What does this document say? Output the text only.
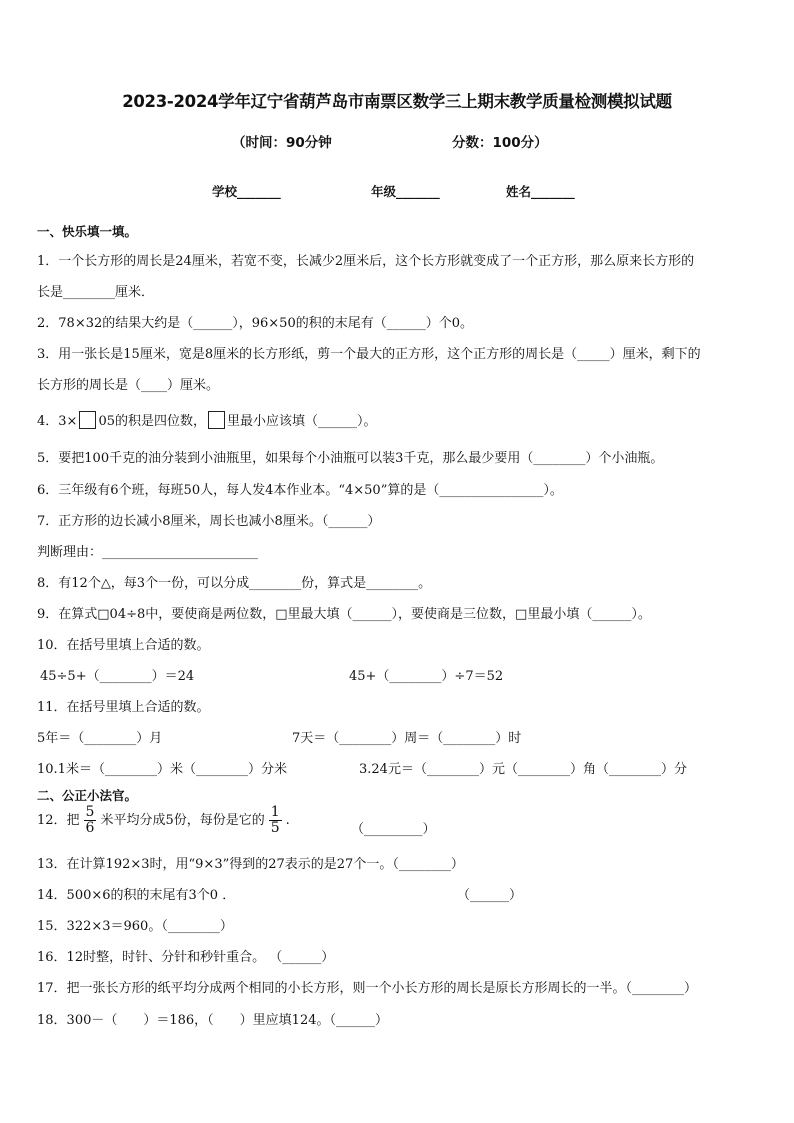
2023-2024学年辽宁省葫芦岛市南票区数学三上期末教学质量检测模拟试题
（时间：90分钟	分数：100分）
学校_______	年级_______	姓名_______
一、快乐填一填。
1．一个长方形的周长是24厘米，若宽不变，长减少2厘米后，这个长方形就变成了一个正方形，那么原来长方形的
长是________厘米．
2．78×32的结果大约是（______），96×50的积的末尾有（______）个0。
3．用一张长是15厘米，宽是8厘米的长方形纸，剪一个最大的正方形，这个正方形的周长是（_____）厘米，剩下的
长方形的周长是（____）厘米。
4．3× 05的积是四位数， 里最小应该填（______）。
5．要把100千克的油分装到小油瓶里，如果每个小油瓶可以装3千克，那么最少要用（________）个小油瓶。
6．三年级有6个班，每班50人，每人发4本作业本。“4×50”算的是（________________）。
7．正方形的边长减小8厘米，周长也减小8厘米。（______）
判断理由：________________________
8．有12个△，每3个一份，可以分成________份，算式是________。
9．在算式□04÷8中，要使商是两位数，□里最大填（______），要使商是三位数，□里最小填（______）。
10．在括号里填上合适的数。
45÷5+（________）＝24	45+（________）÷7＝52
11．在括号里填上合适的数。
5年＝（________）月	7天＝（________）周＝（________）时
10.1米＝（________）米（________）分米	3.24元＝（________）元（________）角（________）分
二、公正小法官。
12．把 $\frac{5}{6}$ 米平均分成5份，每份是它的 $\frac{1}{5}$ .
（_________）
13．在计算192×3时，用“9×3”得到的27表示的是27个一。（________）
14．500×6的积的末尾有3个0 ．	（______）
15．322×3＝960。（________）
16．12时整，时针、分针和秒针重合。 （______）
17．把一张长方形的纸平均分成两个相同的小长方形，则一个小长方形的周长是原长方形周长的一半。（________）
18．300－（　　）＝186，（　　）里应填124。（______）
